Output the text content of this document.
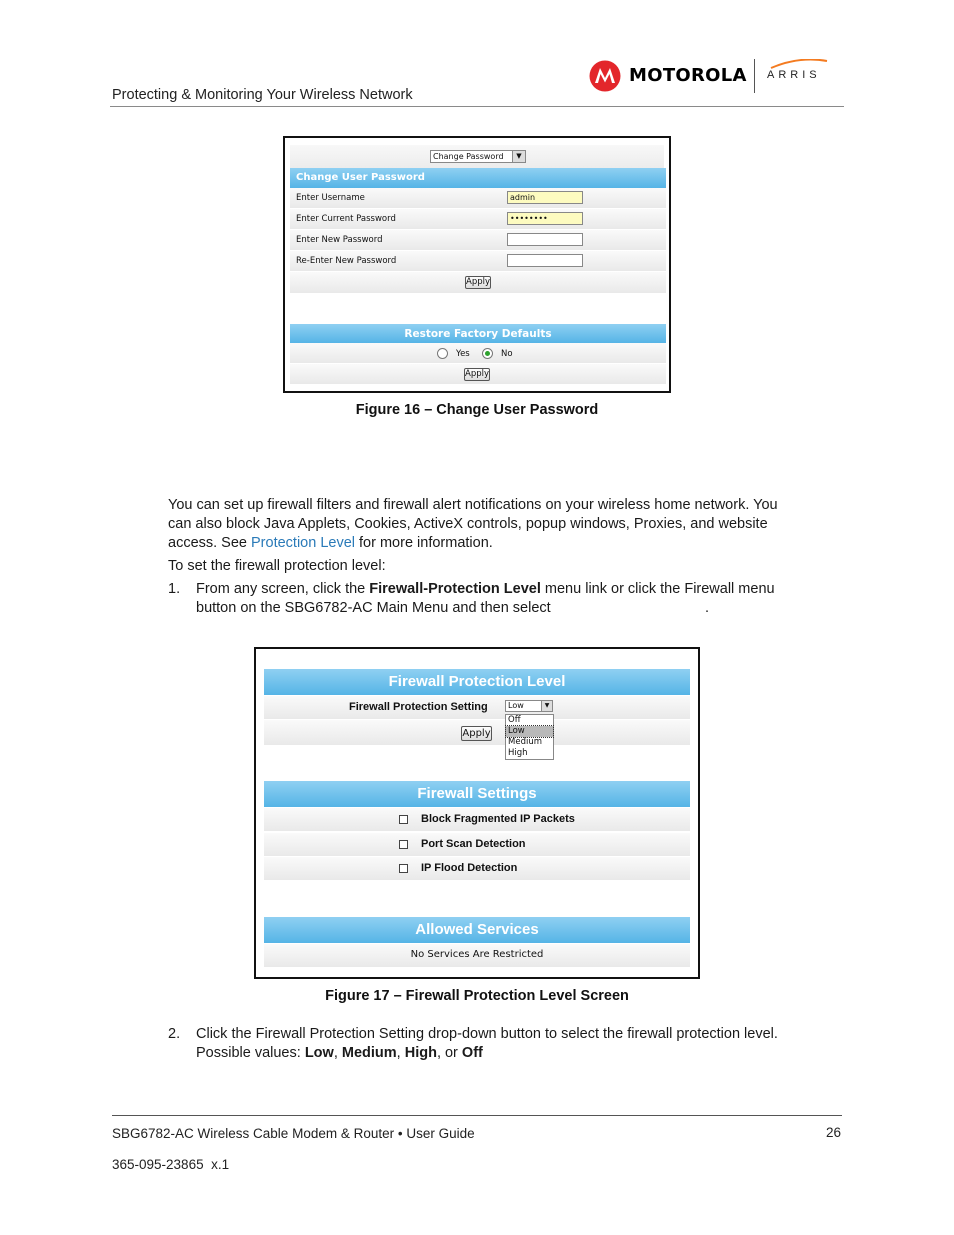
Protecting & Monitoring Your Wireless Network
MOTOROLA ARRIS
Change Password	▼
Change User Password
Enter Username	admin
Enter Current Password	••••••••
Enter New Password
Re-Enter New Password
Apply
Restore Factory Defaults
Yes	No
Apply
Figure 16 – Change User Password
You can set up firewall filters and firewall alert notifications on your wireless home network. You
can also block Java Applets, Cookies, ActiveX controls, popup windows, Proxies, and website
access. See Protection Level for more information.
To set the firewall protection level:
1. From any screen, click the Firewall-Protection Level menu link or click the Firewall menu
button on the SBG6782-AC Main Menu and then select	.
Firewall Protection Level
Firewall Protection Setting	Low	▼
Apply
Off
Low
Medium
High
Firewall Settings
Block Fragmented IP Packets
Port Scan Detection
IP Flood Detection
Allowed Services
No Services Are Restricted
Figure 17 – Firewall Protection Level Screen
2. Click the Firewall Protection Setting drop-down button to select the firewall protection level.
Possible values: Low, Medium, High, or Off
SBG6782-AC Wireless Cable Modem & Router • User Guide	26
365-095-23865  x.1
